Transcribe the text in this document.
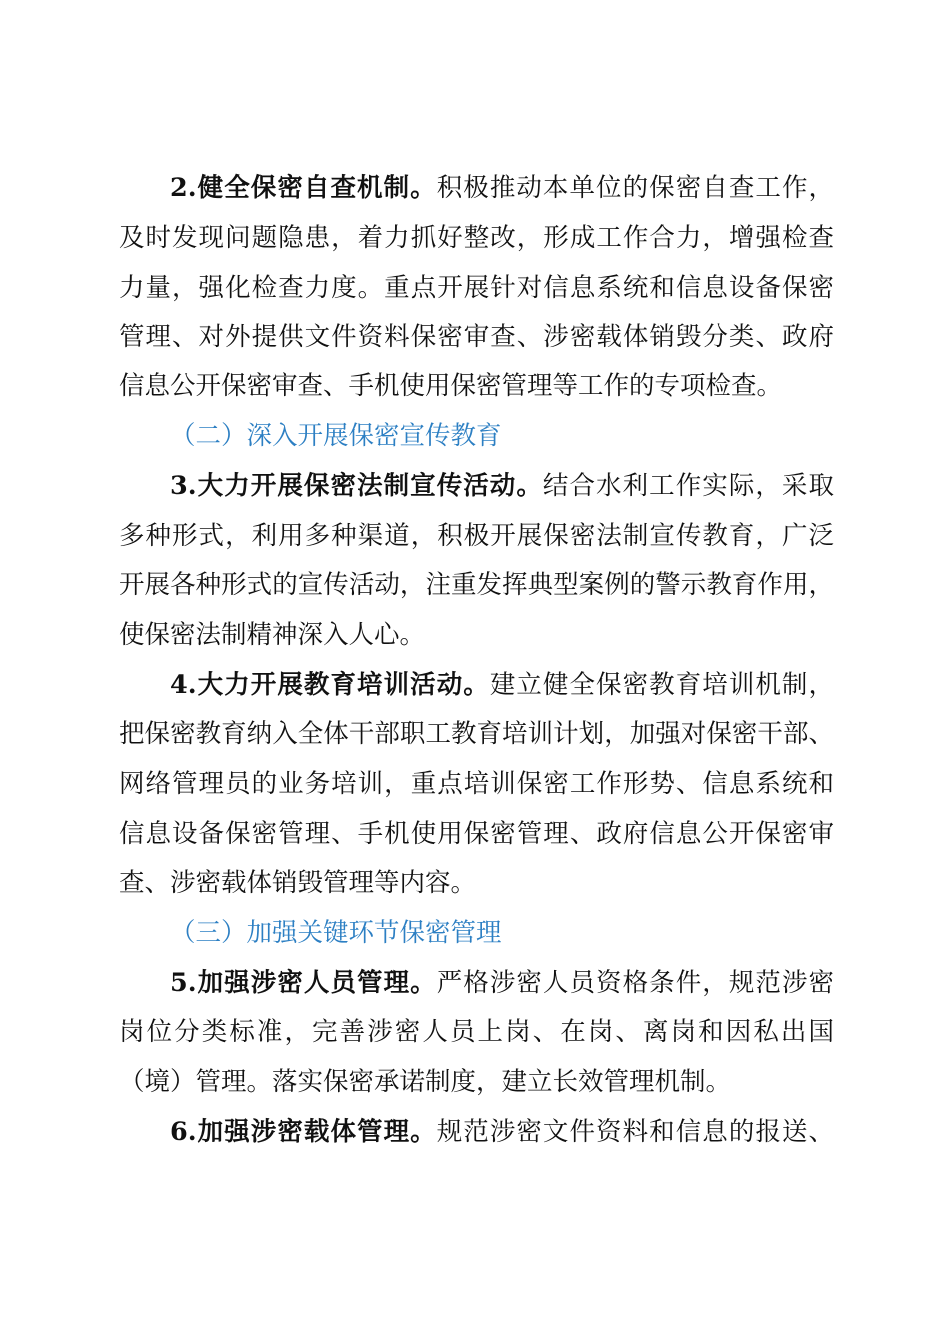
2.健全保密自查机制。积极推动本单位的保密自查工作，
及时发现问题隐患，着力抓好整改，形成工作合力，增强检查
力量，强化检查力度。重点开展针对信息系统和信息设备保密
管理、对外提供文件资料保密审查、涉密载体销毁分类、政府
信息公开保密审查、手机使用保密管理等工作的专项检查。
（二）深入开展保密宣传教育
3.大力开展保密法制宣传活动。结合水利工作实际，采取
多种形式，利用多种渠道，积极开展保密法制宣传教育，广泛
开展各种形式的宣传活动，注重发挥典型案例的警示教育作用，
使保密法制精神深入人心。
4.大力开展教育培训活动。建立健全保密教育培训机制，
把保密教育纳入全体干部职工教育培训计划，加强对保密干部、
网络管理员的业务培训，重点培训保密工作形势、信息系统和
信息设备保密管理、手机使用保密管理、政府信息公开保密审
查、涉密载体销毁管理等内容。
（三）加强关键环节保密管理
5.加强涉密人员管理。严格涉密人员资格条件，规范涉密
岗位分类标准，完善涉密人员上岗、在岗、离岗和因私出国
（境）管理。落实保密承诺制度，建立长效管理机制。
6.加强涉密载体管理。规范涉密文件资料和信息的报送、
